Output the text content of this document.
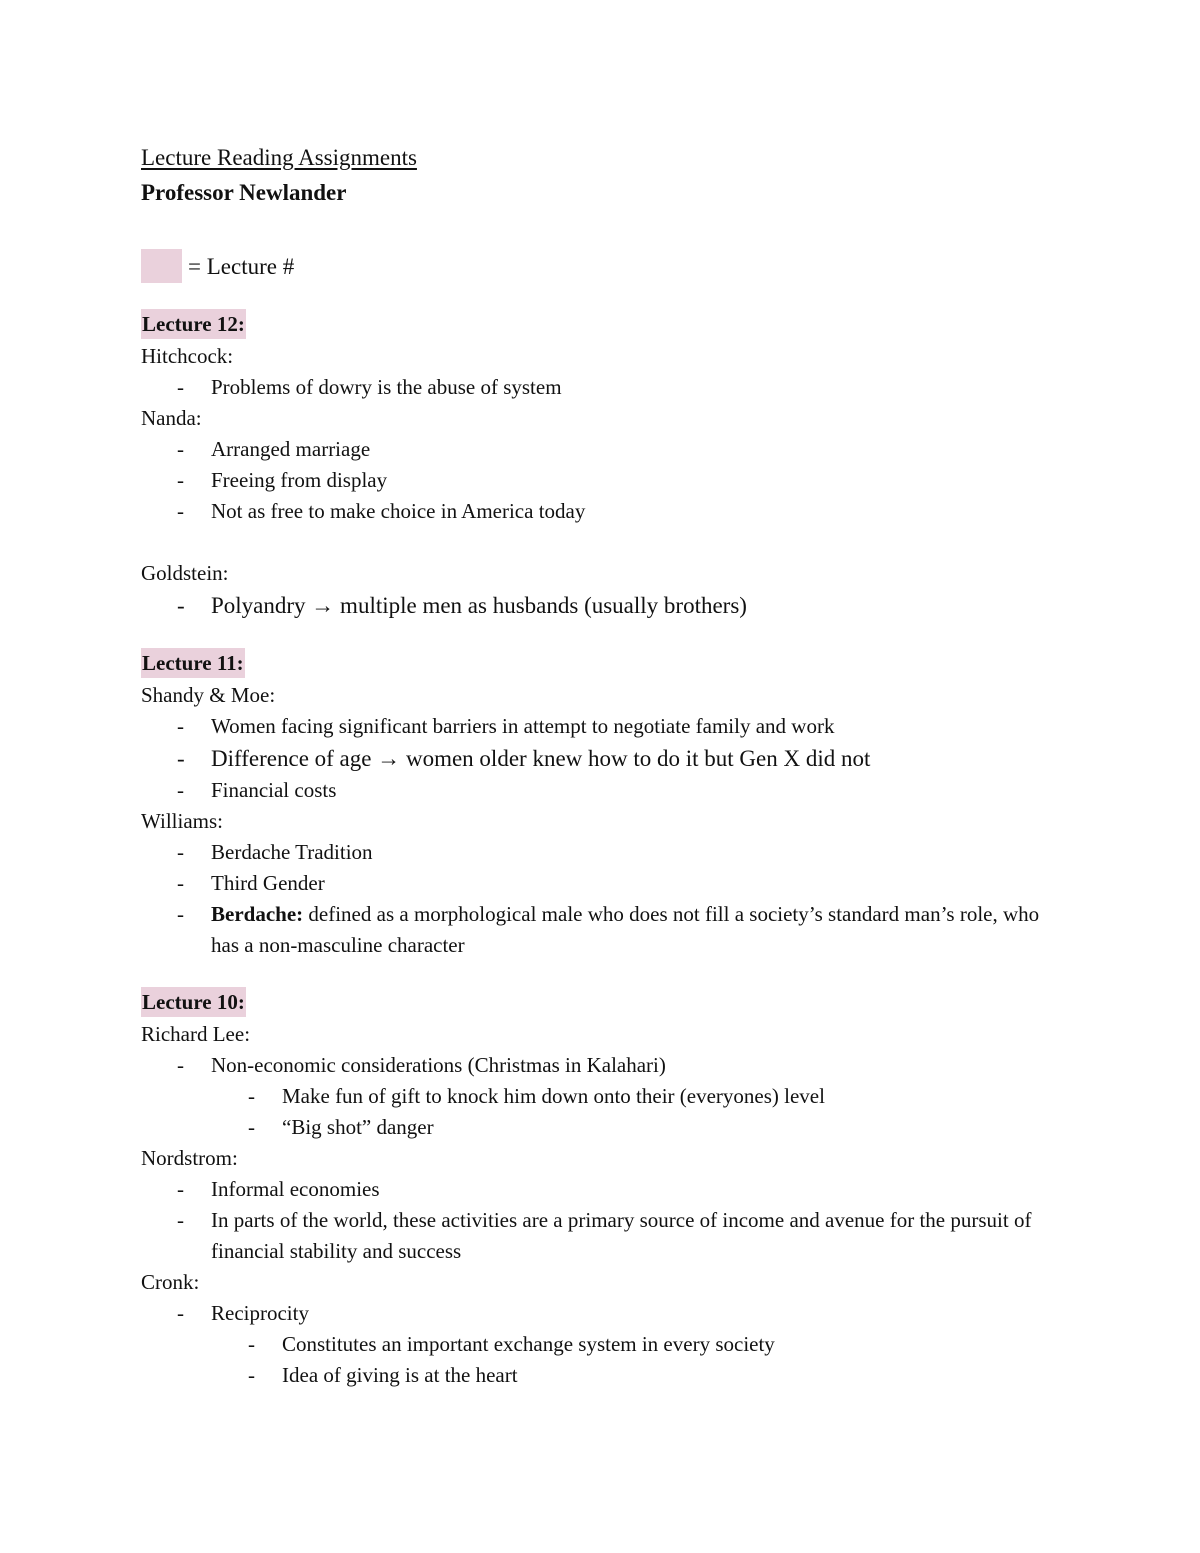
Lecture Reading Assignments

Professor Newlander

= Lecture #
Lecture 12:

Hitchcock:

- Problems of dowry is the abuse of system

Nanda:

- Arranged marriage
- Freeing from display
- Not as free to make choice in America today

Goldstein:

- Polyandry → multiple men as husbands (usually brothers)
Lecture 11:

Shandy & Moe:

- Women facing significant barriers in attempt to negotiate family and work
- Difference of age → women older knew how to do it but Gen X did not
- Financial costs

Williams:

- Berdache Tradition
- Third Gender
- Berdache: defined as a morphological male who does not fill a society’s standard man’s role, who has a non-masculine character
Lecture 10:

Richard Lee:

- Non-economic considerations (Christmas in Kalahari)
- Make fun of gift to knock him down onto their (everyones) level
- “Big shot” danger

Nordstrom:

- Informal economies
- In parts of the world, these activities are a primary source of income and avenue for the pursuit of financial stability and success

Cronk:

- Reciprocity
- Constitutes an important exchange system in every society
- Idea of giving is at the heart
